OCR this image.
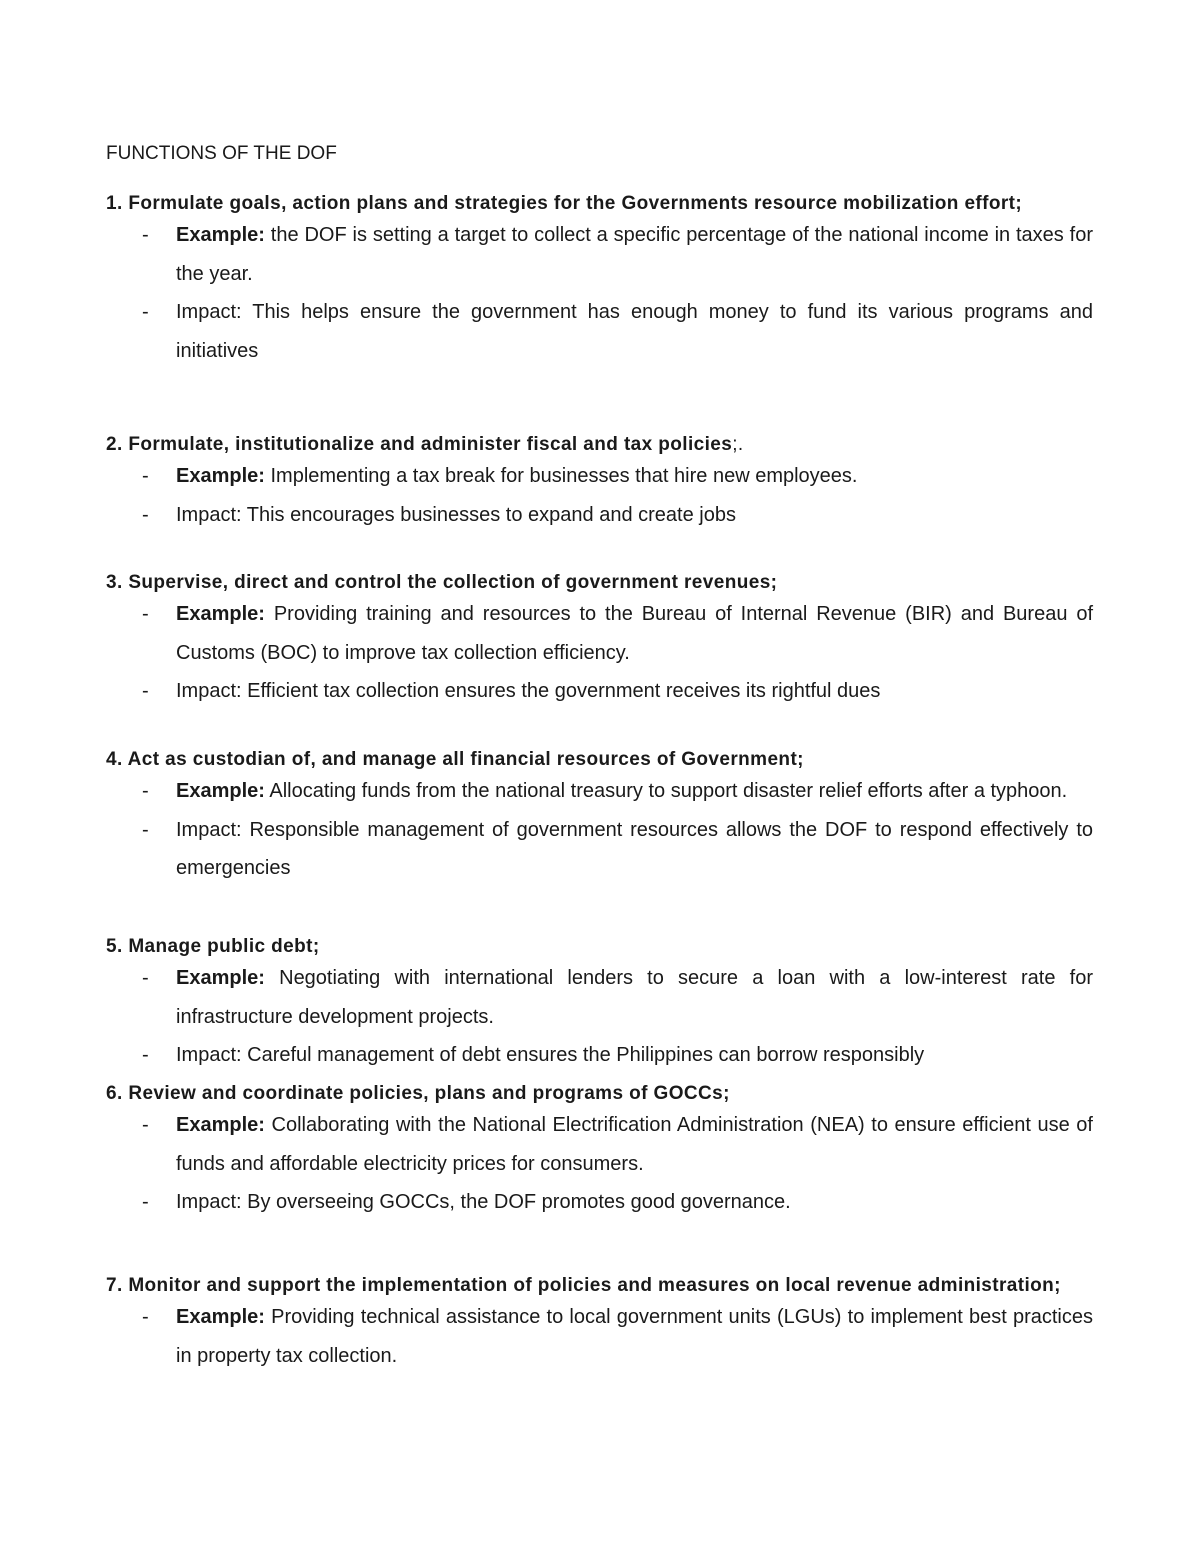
FUNCTIONS OF THE DOF
1. Formulate goals, action plans and strategies for the Governments resource mobilization effort;
- Example: the DOF is setting a target to collect a specific percentage of the national income in taxes for the year.
- Impact: This helps ensure the government has enough money to fund its various programs and initiatives
2. Formulate, institutionalize and administer fiscal and tax policies;.
- Example: Implementing a tax break for businesses that hire new employees.
- Impact: This encourages businesses to expand and create jobs
3. Supervise, direct and control the collection of government revenues;
- Example: Providing training and resources to the Bureau of Internal Revenue (BIR) and Bureau of Customs (BOC) to improve tax collection efficiency.
- Impact: Efficient tax collection ensures the government receives its rightful dues
4. Act as custodian of, and manage all financial resources of Government;
- Example: Allocating funds from the national treasury to support disaster relief efforts after a typhoon.
- Impact: Responsible management of government resources allows the DOF to respond effectively to emergencies
5. Manage public debt;
- Example: Negotiating with international lenders to secure a loan with a low-interest rate for infrastructure development projects.
- Impact: Careful management of debt ensures the Philippines can borrow responsibly
6. Review and coordinate policies, plans and programs of GOCCs;
- Example: Collaborating with the National Electrification Administration (NEA) to ensure efficient use of funds and affordable electricity prices for consumers.
- Impact: By overseeing GOCCs, the DOF promotes good governance.
7. Monitor and support the implementation of policies and measures on local revenue administration;
- Example: Providing technical assistance to local government units (LGUs) to implement best practices in property tax collection.
